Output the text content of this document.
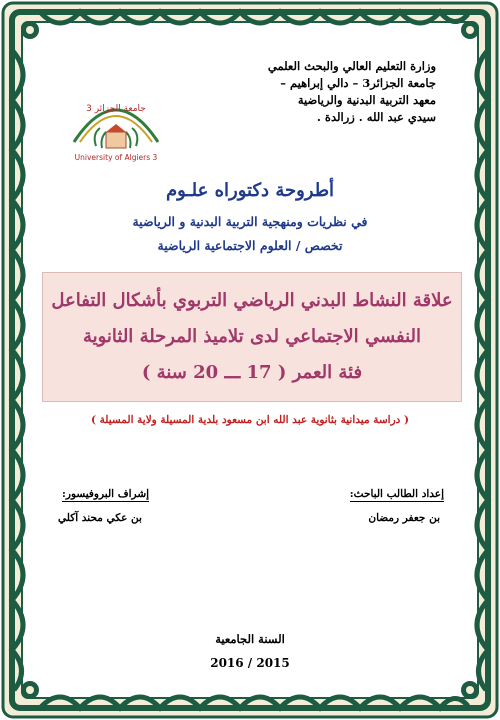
وزارة التعليم العالي والبحث العلمي
جامعة الجزائر3 – دالي إبراهيم –
معهد التربية البدنية والرياضية
سيدي عبد الله . زرالدة .
جامعة الجزائر 3
University of Algiers 3
أطروحة دكتوراه علـوم
في نظريات ومنهجية التربية البدنية و الرياضية
تخصص / العلوم الاجتماعية الرياضية
علاقة النشاط البدني الرياضي التربوي بأشكال التفاعل
النفسي الاجتماعي لدى تلاميذ المرحلة الثانوية
فئة العمر ( 17 ـــ 20 سنة )
( دراسة ميدانية بثانوية عبد الله ابن مسعود بلدية المسيلة ولاية المسيلة )
إعداد الطالب الباحث:
بن جعفر رمضان
إشراف البروفيسور:
بن عكي محند آكلي
السنة الجامعية
2016 / 2015
